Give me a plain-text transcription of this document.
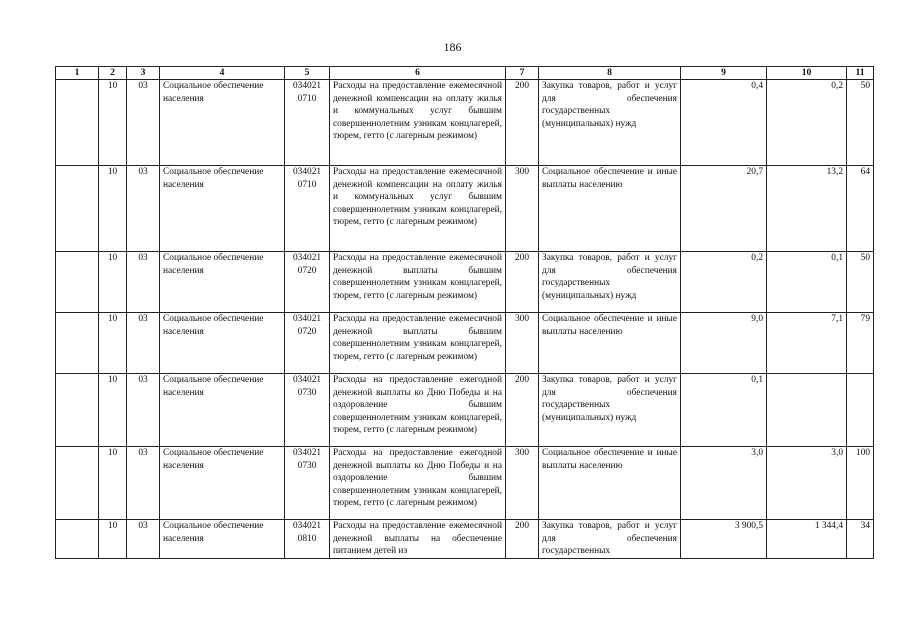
186
1	2	3	4	5	6	7	8	9	10	11
	10	03	Социальное обеспечение населения	034021 0710	Расходы на предоставление ежемесячной денежной компенсации на оплату жилья и коммунальных услуг бывшим совершеннолетним узникам концлагерей, тюрем, гетто (с лагерным режимом)	200	Закупка товаров, работ и услуг для обеспечения государственных (муниципальных) нужд	0,4	0,2	50
	10	03	Социальное обеспечение населения	034021 0710	Расходы на предоставление ежемесячной денежной компенсации на оплату жилья и коммунальных услуг бывшим совершеннолетним узникам концлагерей, тюрем, гетто (с лагерным режимом)	300	Социальное обеспечение и иные выплаты населению	20,7	13,2	64
	10	03	Социальное обеспечение населения	034021 0720	Расходы на предоставление ежемесячной денежной выплаты бывшим совершеннолетним узникам концлагерей, тюрем, гетто (с лагерным режимом)	200	Закупка товаров, работ и услуг для обеспечения государственных (муниципальных) нужд	0,2	0,1	50
	10	03	Социальное обеспечение населения	034021 0720	Расходы на предоставление ежемесячной денежной выплаты бывшим совершеннолетним узникам концлагерей, тюрем, гетто (с лагерным режимом)	300	Социальное обеспечение и иные выплаты населению	9,0	7,1	79
	10	03	Социальное обеспечение населения	034021 0730	Расходы на предоставление ежегодной денежной выплаты ко Дню Победы и на оздоровление бывшим совершеннолетним узникам концлагерей, тюрем, гетто (с лагерным режимом)	200	Закупка товаров, работ и услуг для обеспечения государственных (муниципальных) нужд	0,1		
	10	03	Социальное обеспечение населения	034021 0730	Расходы на предоставление ежегодной денежной выплаты ко Дню Победы и на оздоровление бывшим совершеннолетним узникам концлагерей, тюрем, гетто (с лагерным режимом)	300	Социальное обеспечение и иные выплаты населению	3,0	3,0	100
	10	03	Социальное обеспечение населения	034021 0810	Расходы на предоставление ежемесячной денежной выплаты на обеспечение питанием детей из	200	Закупка товаров, работ и услуг для обеспечения государственных	3 900,5	1 344,4	34
